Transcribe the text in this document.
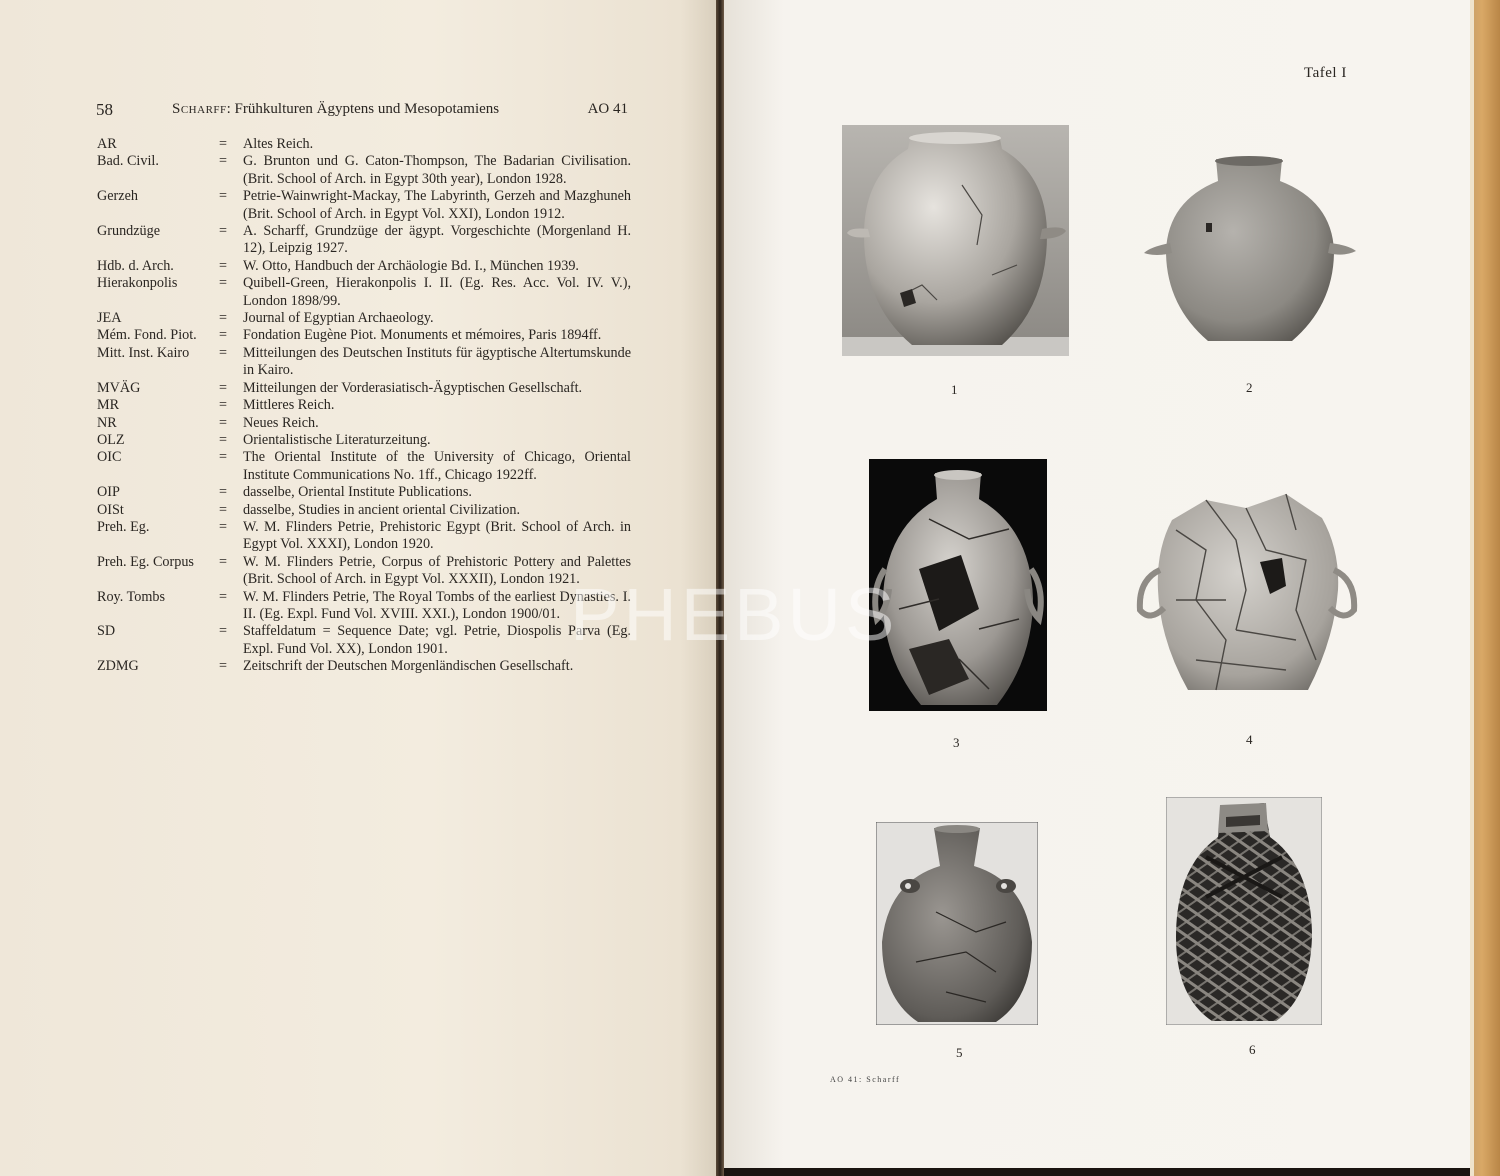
58	Scharff: Frühkulturen Ägyptens und Mesopotamiens	AO 41
AR	=	Altes Reich.
Bad. Civil.	=	G. Brunton und G. Caton-Thompson, The Badarian Civilisation. (Brit. School of Arch. in Egypt 30th year), London 1928.
Gerzeh	=	Petrie-Wainwright-Mackay, The Labyrinth, Gerzeh and Mazghuneh (Brit. School of Arch. in Egypt Vol. XXI), London 1912.
Grundzüge	=	A. Scharff, Grundzüge der ägypt. Vorgeschichte (Morgenland H. 12), Leipzig 1927.
Hdb. d. Arch.	=	W. Otto, Handbuch der Archäologie Bd. I., München 1939.
Hierakonpolis	=	Quibell-Green, Hierakonpolis I. II. (Eg. Res. Acc. Vol. IV. V.), London 1898/99.
JEA	=	Journal of Egyptian Archaeology.
Mém. Fond. Piot.	=	Fondation Eugène Piot. Monuments et mémoires, Paris 1894ff.
Mitt. Inst. Kairo	=	Mitteilungen des Deutschen Instituts für ägyptische Altertumskunde in Kairo.
MVÄG	=	Mitteilungen der Vorderasiatisch-Ägyptischen Gesellschaft.
MR	=	Mittleres Reich.
NR	=	Neues Reich.
OLZ	=	Orientalistische Literaturzeitung.
OIC	=	The Oriental Institute of the University of Chicago, Oriental Institute Communications No. 1ff., Chicago 1922ff.
OIP	=	dasselbe, Oriental Institute Publications.
OISt	=	dasselbe, Studies in ancient oriental Civilization.
Preh. Eg.	=	W. M. Flinders Petrie, Prehistoric Egypt (Brit. School of Arch. in Egypt Vol. XXXI), London 1920.
Preh. Eg. Corpus	=	W. M. Flinders Petrie, Corpus of Prehistoric Pottery and Palettes (Brit. School of Arch. in Egypt Vol. XXXII), London 1921.
Roy. Tombs	=	W. M. Flinders Petrie, The Royal Tombs of the earliest Dynasties. I. II. (Eg. Expl. Fund Vol. XVIII. XXI.), London 1900/01.
SD	=	Staffeldatum = Sequence Date; vgl. Petrie, Diospolis Parva (Eg. Expl. Fund Vol. XX), London 1901.
ZDMG	=	Zeitschrift der Deutschen Morgenländischen Gesellschaft.
Tafel I
1	2
3	4
5	6
AO 41: Scharff
PHEBUS
